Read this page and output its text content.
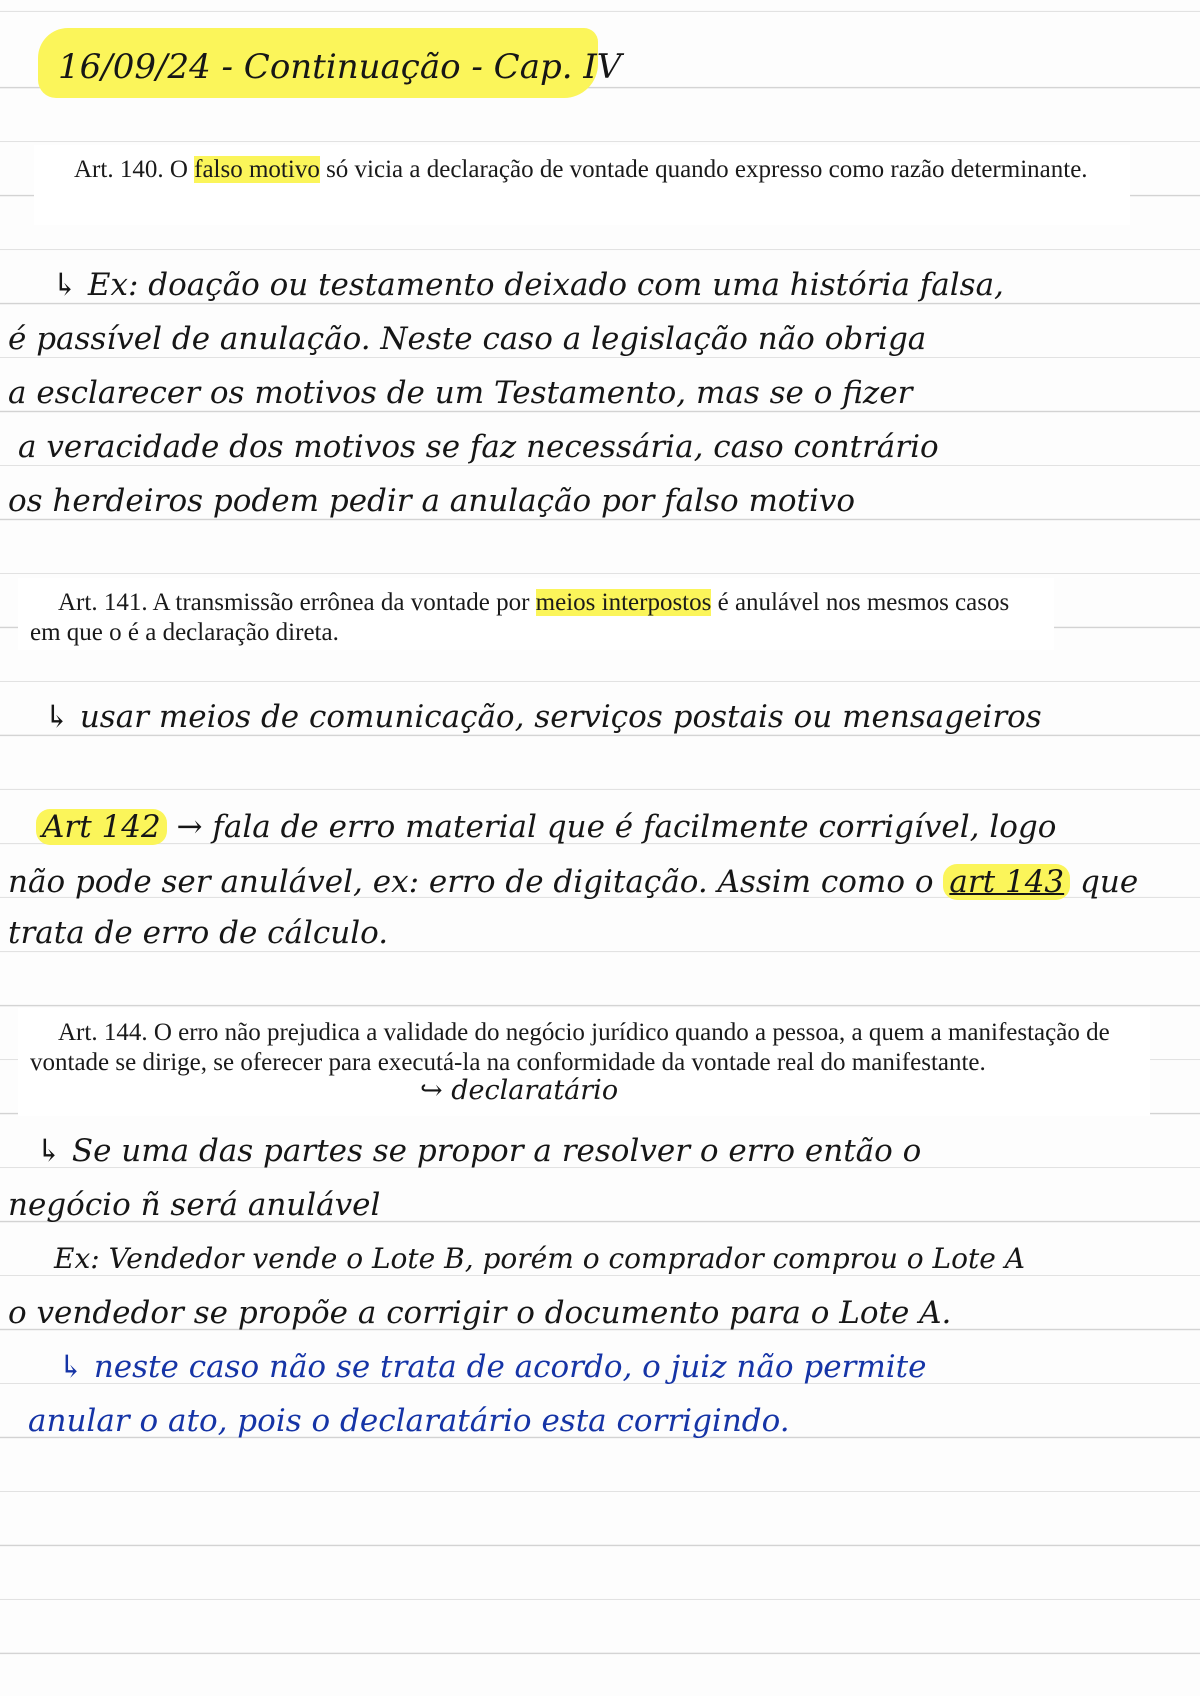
16/09/24 - Continuação - Cap. IV

Art. 140. O falso motivo só vicia a declaração de vontade quando expresso como razão determinante.

↳ Ex: doação ou testamento deixado com uma história falsa,

é passível de anulação. Neste caso a legislação não obriga

a esclarecer os motivos de um Testamento, mas se o fizer

a veracidade dos motivos se faz necessária, caso contrário

os herdeiros podem pedir a anulação por falso motivo

Art. 141. A transmissão errônea da vontade por meios interpostos é anulável nos mesmos casos em que o é a declaração direta.

↳ usar meios de comunicação, serviços postais ou mensageiros

Art 142 → fala de erro material que é facilmente corrigível, logo

não pode ser anulável, ex: erro de digitação. Assim como o art 143 que

trata de erro de cálculo.

Art. 144. O erro não prejudica a validade do negócio jurídico quando a pessoa, a quem a manifestação de vontade se dirige, se oferecer para executá-la na conformidade da vontade real do manifestante.

↪ declaratário

↳ Se uma das partes se propor a resolver o erro então o

negócio ñ será anulável

Ex: Vendedor vende o Lote B, porém o comprador comprou o Lote A

o vendedor se propõe a corrigir o documento para o Lote A.

↳ neste caso não se trata de acordo, o juiz não permite

anular o ato, pois o declaratário esta corrigindo.
